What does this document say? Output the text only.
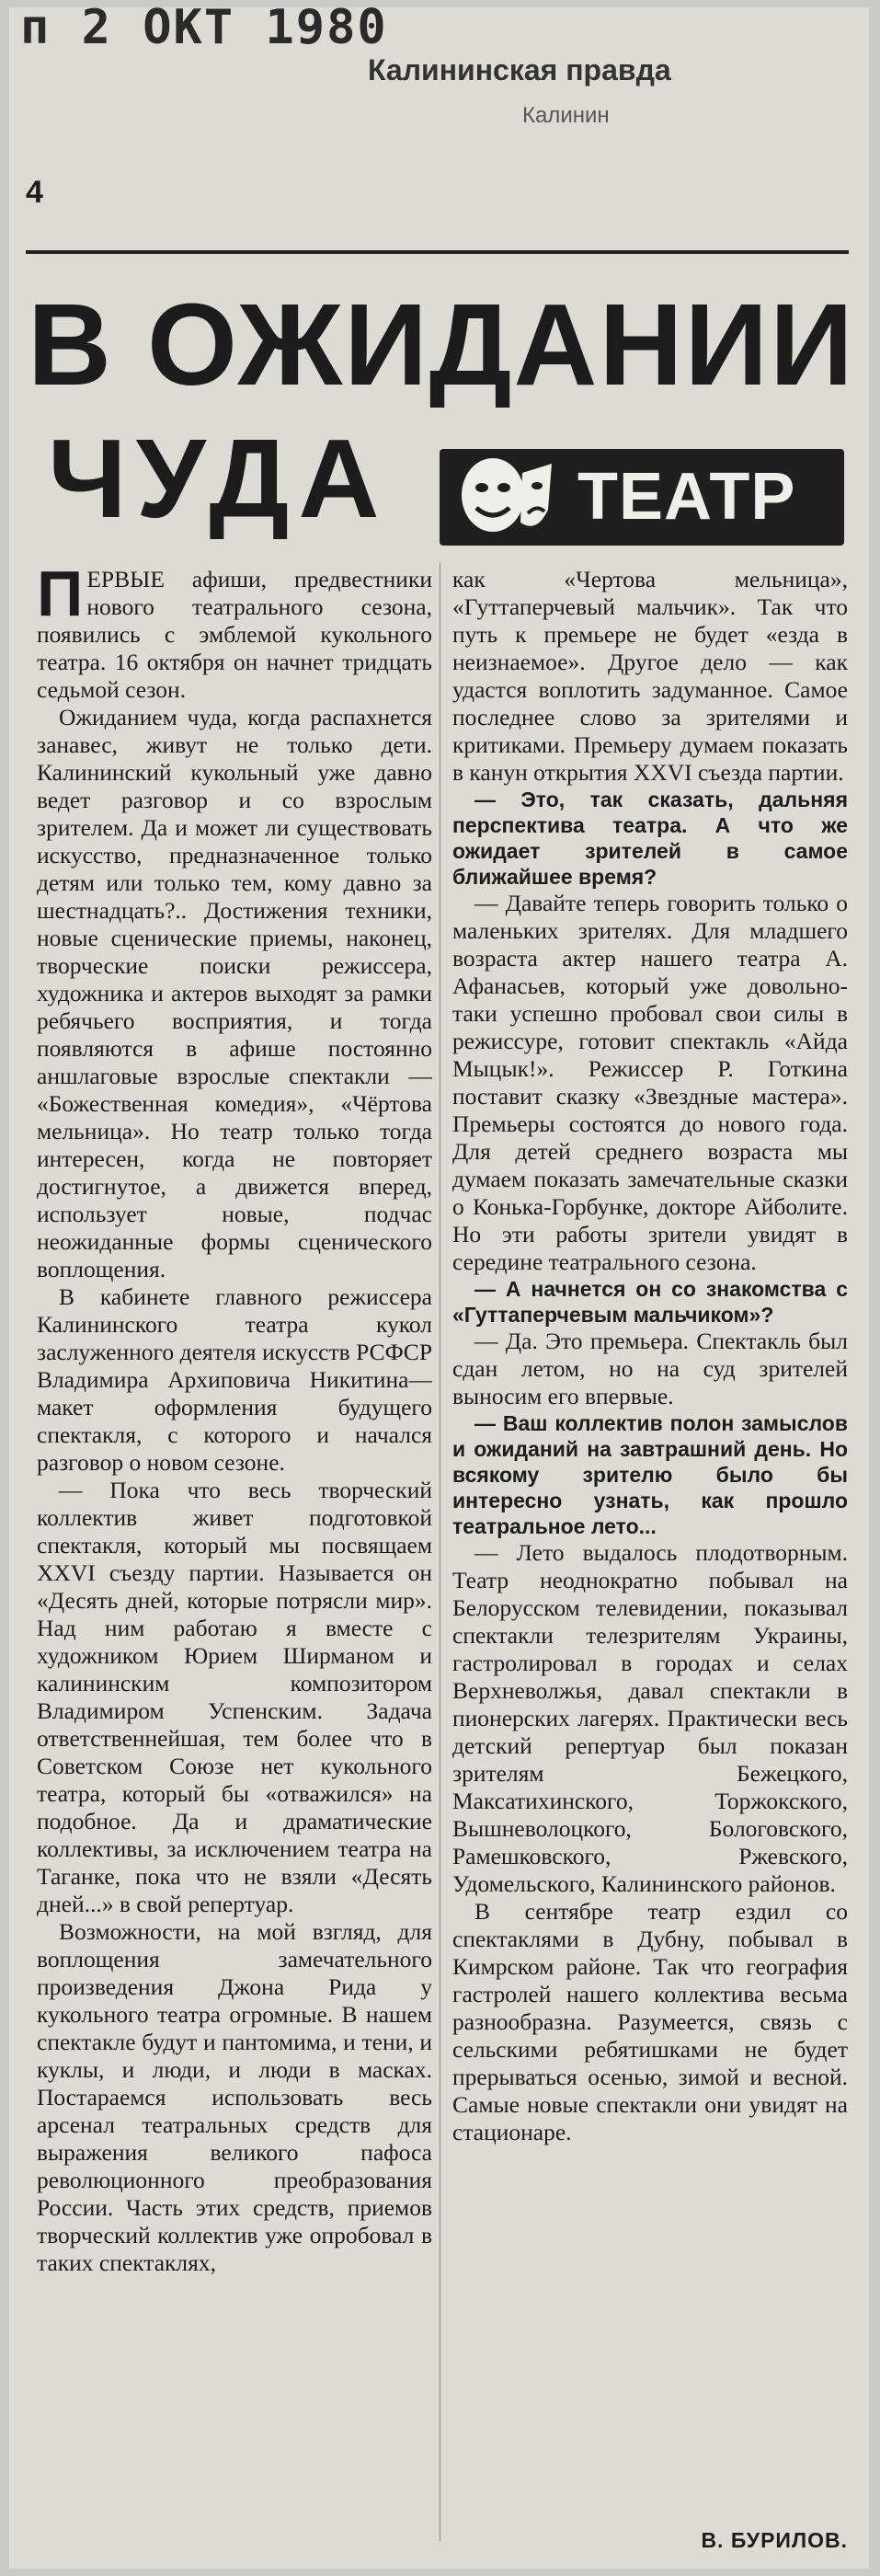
п 2 ОКТ 1980
Калининская правда
Калинин
4
В ОЖИДАНИИ
ЧУДА	ТЕАТР

ПЕРВЫЕ афиши, предвестники нового театрального сезона, появились с эмблемой кукольного театра. 16 октября он начнет тридцать седьмой сезон.

Ожиданием чуда, когда распахнется занавес, живут не только дети. Калининский кукольный уже давно ведет разговор и со взрослым зрителем. Да и может ли существовать искусство, предназначенное только детям или только тем, кому давно за шестнадцать?.. Достижения техники, новые сценические приемы, наконец, творческие поиски режиссера, художника и актеров выходят за рамки ребячьего восприятия, и тогда появляются в афише постоянно аншлаговые взрослые спектакли — «Божественная комедия», «Чёртова мельница». Но театр только тогда интересен, когда не повторяет достигнутое, а движется вперед, использует новые, подчас неожиданные формы сценического воплощения.

В кабинете главного режиссера Калининского театра кукол заслуженного деятеля искусств РСФСР Владимира Архиповича Никитина—макет оформления будущего спектакля, с которого и начался разговор о новом сезоне.

— Пока что весь творческий коллектив живет подготовкой спектакля, который мы посвящаем XXVI съезду партии. Называется он «Десять дней, которые потрясли мир». Над ним работаю я вместе с художником Юрием Ширманом и калининским композитором Владимиром Успенским. Задача ответственнейшая, тем более что в Советском Союзе нет кукольного театра, который бы «отважился» на подобное. Да и драматические коллективы, за исключением театра на Таганке, пока что не взяли «Десять дней...» в свой репертуар.

Возможности, на мой взгляд, для воплощения замечательного произведения Джона Рида у кукольного театра огромные. В нашем спектакле будут и пантомима, и тени, и куклы, и люди, и люди в масках. Постараемся использовать весь арсенал театральных средств для выражения великого пафоса революционного преобразования России. Часть этих средств, приемов творческий коллектив уже опробовал в таких спектаклях,

как «Чертова мельница», «Гуттаперчевый мальчик». Так что путь к премьере не будет «езда в неизнаемое». Другое дело — как удастся воплотить задуманное. Самое последнее слово за зрителями и критиками. Премьеру думаем показать в канун открытия XXVI съезда партии.

— Это, так сказать, дальняя перспектива театра. А что же ожидает зрителей в самое ближайшее время?

— Давайте теперь говорить только о маленьких зрителях. Для младшего возраста актер нашего театра А. Афанасьев, который уже довольно-таки успешно пробовал свои силы в режиссуре, готовит спектакль «Айда Мыцык!». Режиссер Р. Готкина поставит сказку «Звездные мастера». Премьеры состоятся до нового года. Для детей среднего возраста мы думаем показать замечательные сказки о Конька-Горбунке, докторе Айболите. Но эти работы зрители увидят в середине театрального сезона.

— А начнется он со знакомства с «Гуттаперчевым мальчиком»?

— Да. Это премьера. Спектакль был сдан летом, но на суд зрителей выносим его впервые.

— Ваш коллектив полон замыслов и ожиданий на завтрашний день. Но всякому зрителю было бы интересно узнать, как прошло театральное лето...

— Лето выдалось плодотворным. Театр неоднократно побывал на Белорусском телевидении, показывал спектакли телезрителям Украины, гастролировал в городах и селах Верхневолжья, давал спектакли в пионерских лагерях. Практически весь детский репертуар был показан зрителям Бежецкого, Максатихинского, Торжокского, Вышневолоцкого, Бологовского, Рамешковского, Ржевского, Удомельского, Калининского районов.

В сентябре театр ездил со спектаклями в Дубну, побывал в Кимрском районе. Так что география гастролей нашего коллектива весьма разнообразна. Разумеется, связь с сельскими ребятишками не будет прерываться осенью, зимой и весной. Самые новые спектакли они увидят на стационаре.

В. БУРИЛОВ.
